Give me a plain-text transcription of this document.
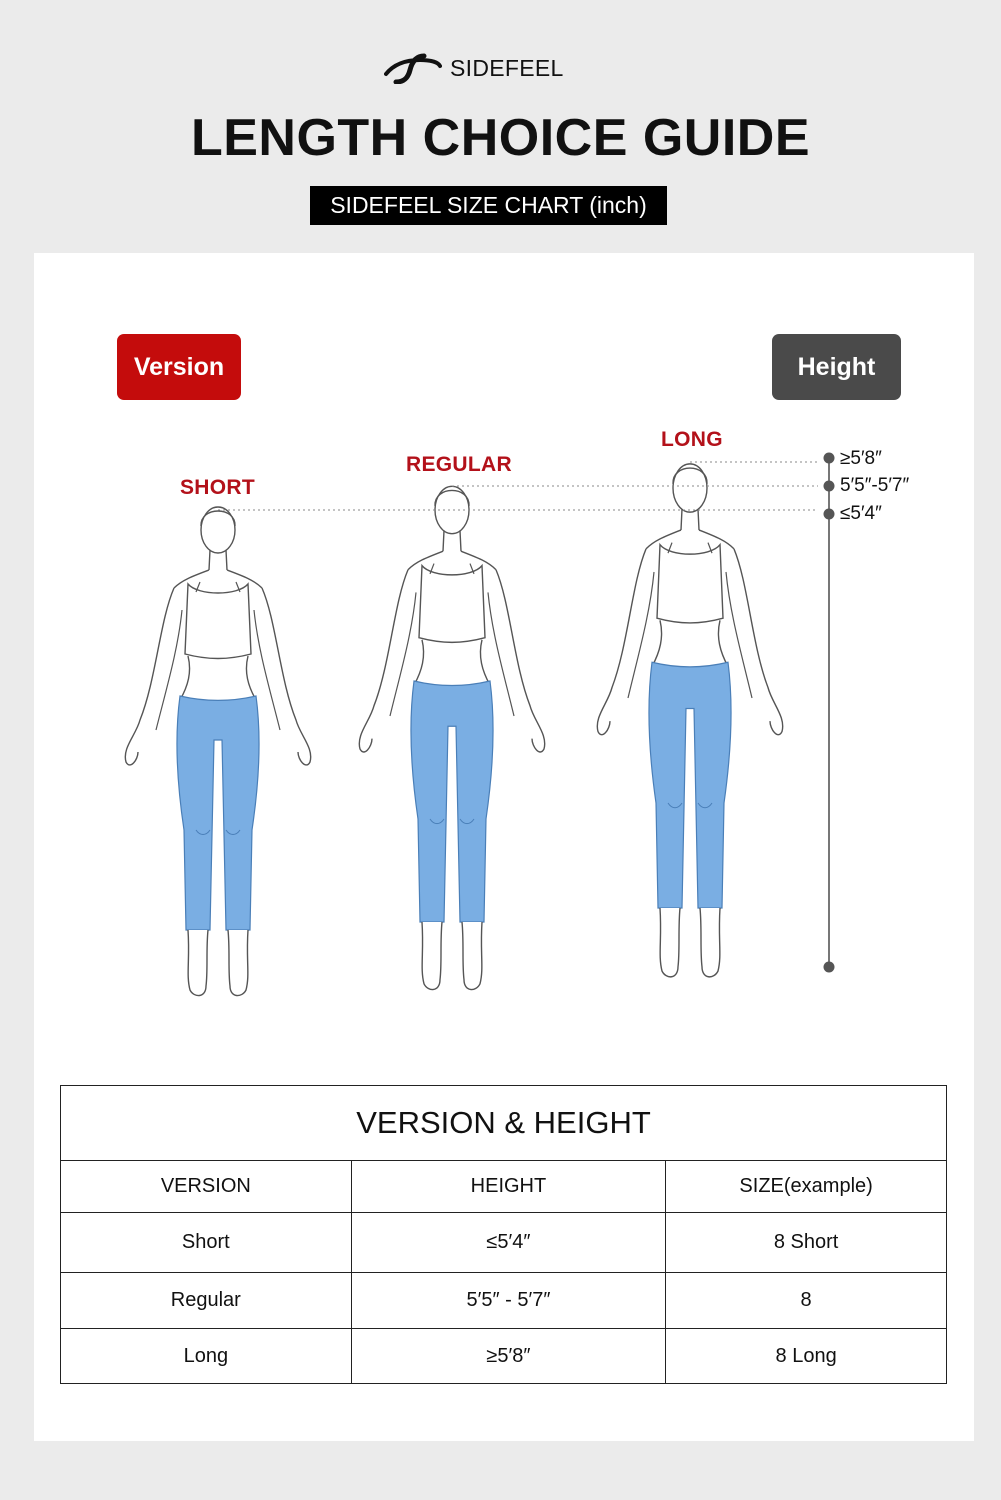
SIDEFEEL
LENGTH CHOICE GUIDE
SIDEFEEL SIZE CHART (inch)
Version	Height
SHORT
REGULAR
LONG
≥5′8″
5′5″-5′7″
≤5′4″
VERSION & HEIGHT		
VERSION	HEIGHT	SIZE(example)
Short	≤5′4″	8 Short
Regular	5′5″ - 5′7″	8
Long	≥5′8″	8 Long
